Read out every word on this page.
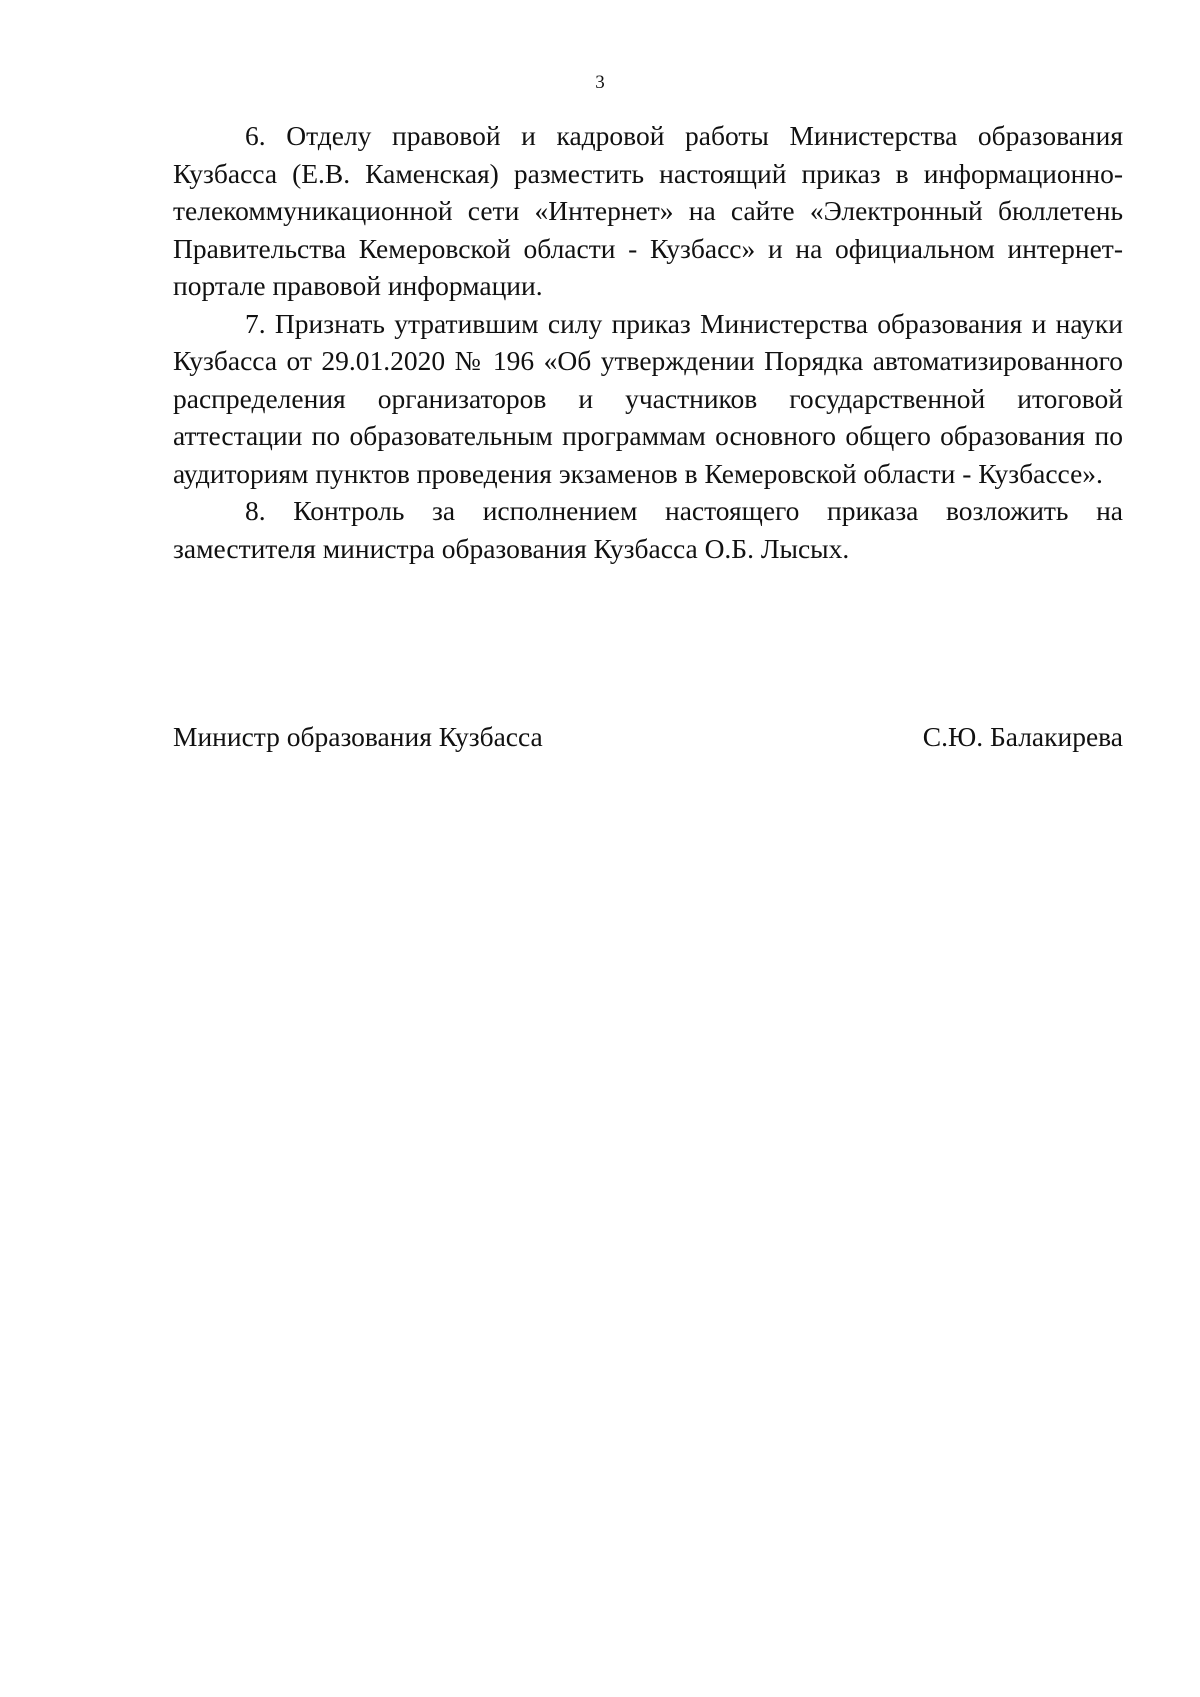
3

6. Отделу правовой и кадровой работы Министерства образования Кузбасса (Е.В. Каменская) разместить настоящий приказ в информационно-телекоммуникационной сети «Интернет» на сайте «Электронный бюллетень Правительства Кемеровской области - Кузбасс» и на официальном интернет-портале правовой информации.

7. Признать утратившим силу приказ Министерства образования и науки Кузбасса от 29.01.2020 № 196 «Об утверждении Порядка автоматизированного распределения организаторов и участников государственной итоговой аттестации по образовательным программам основного общего образования по аудиториям пунктов проведения экзаменов в Кемеровской области - Кузбассе».

8. Контроль за исполнением настоящего приказа возложить на заместителя министра образования Кузбасса О.Б. Лысых.

Министр образования Кузбасса	С.Ю. Балакирева
